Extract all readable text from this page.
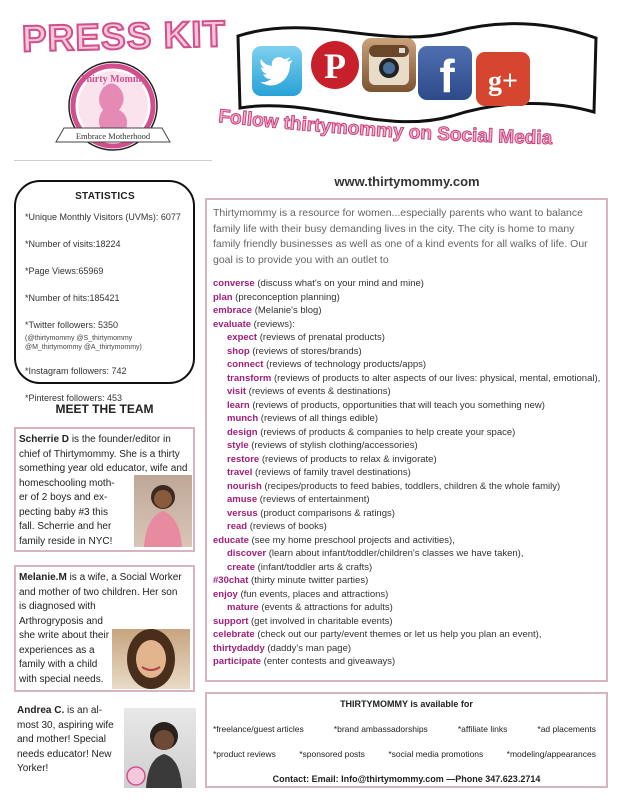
PRESS KIT
Thirty Mommy
Embrace Motherhood
P f g+
Follow thirtymommy on Social Media
STATISTICS
*Unique Monthly Visitors (UVMs): 6077
*Number of visits:18224
*Page Views:65969
*Number of hits:185421
*Twitter followers: 5350
(@thirtymommy @S_thirtymommy
@M_thirtymommy @A_thirtymommy)
*Instagram followers: 742
*Pinterest followers: 453
MEET THE TEAM
Scherrie D is the founder/editor in
chief of Thirtymommy. She is a thirty
something year old educator, wife and
homeschooling moth-
er of 2 boys and ex-
pecting baby #3 this
fall. Scherrie and her
family reside in NYC!
Melanie.M is a wife, a Social Worker
and mother of two children. Her son
is diagnosed with
Arthrogryposis and
she write about their
experiences as a
family with a child
with special needs.
Andrea C. is an al-
most 30, aspiring wife
and mother! Special
needs educator! New
Yorker!
www.thirtymommy.com
Thirtymommy is a resource for women...especially parents who want to balance family life with their busy demanding lives in the city. The city is home to many family friendly businesses as well as one of a kind events for all walks of life. Our goal is to provide you with an outlet to
converse (discuss what's on your mind and mine)
plan (preconception planning)
embrace (Melanie's blog)
evaluate (reviews):
expect (reviews of prenatal products)
shop (reviews of stores/brands)
connect (reviews of technology products/apps)
transform (reviews of products to alter aspects of our lives: physical, mental, emotional),
visit (reviews of events & destinations)
learn (reviews of products, opportunities that will teach you something new)
munch (reviews of all things edible)
design (reviews of products & companies to help create your space)
style (reviews of stylish clothing/accessories)
restore (reviews of products to relax & invigorate)
travel (reviews of family travel destinations)
nourish (recipes/products to feed babies, toddlers, children & the whole family)
amuse (reviews of entertainment)
versus (product comparisons & ratings)
read (reviews of books)
educate (see my home preschool projects and activities),
discover (learn about infant/toddler/children's classes we have taken),
create (infant/toddler arts & crafts)
#30chat (thirty minute twitter parties)
enjoy (fun events, places and attractions)
mature (events & attractions for adults)
support (get involved in charitable events)
celebrate (check out our party/event themes or let us help you plan an event),
thirtydaddy (daddy's man page)
participate (enter contests and giveaways)
THIRTYMOMMY is available for
*freelance/guest articles	*brand ambassadorships	*affiliate links	*ad placements
*product reviews	*sponsored posts	*social media promotions	*modeling/appearances
Contact: Email: Info@thirtymommy.com —Phone 347.623.2714
